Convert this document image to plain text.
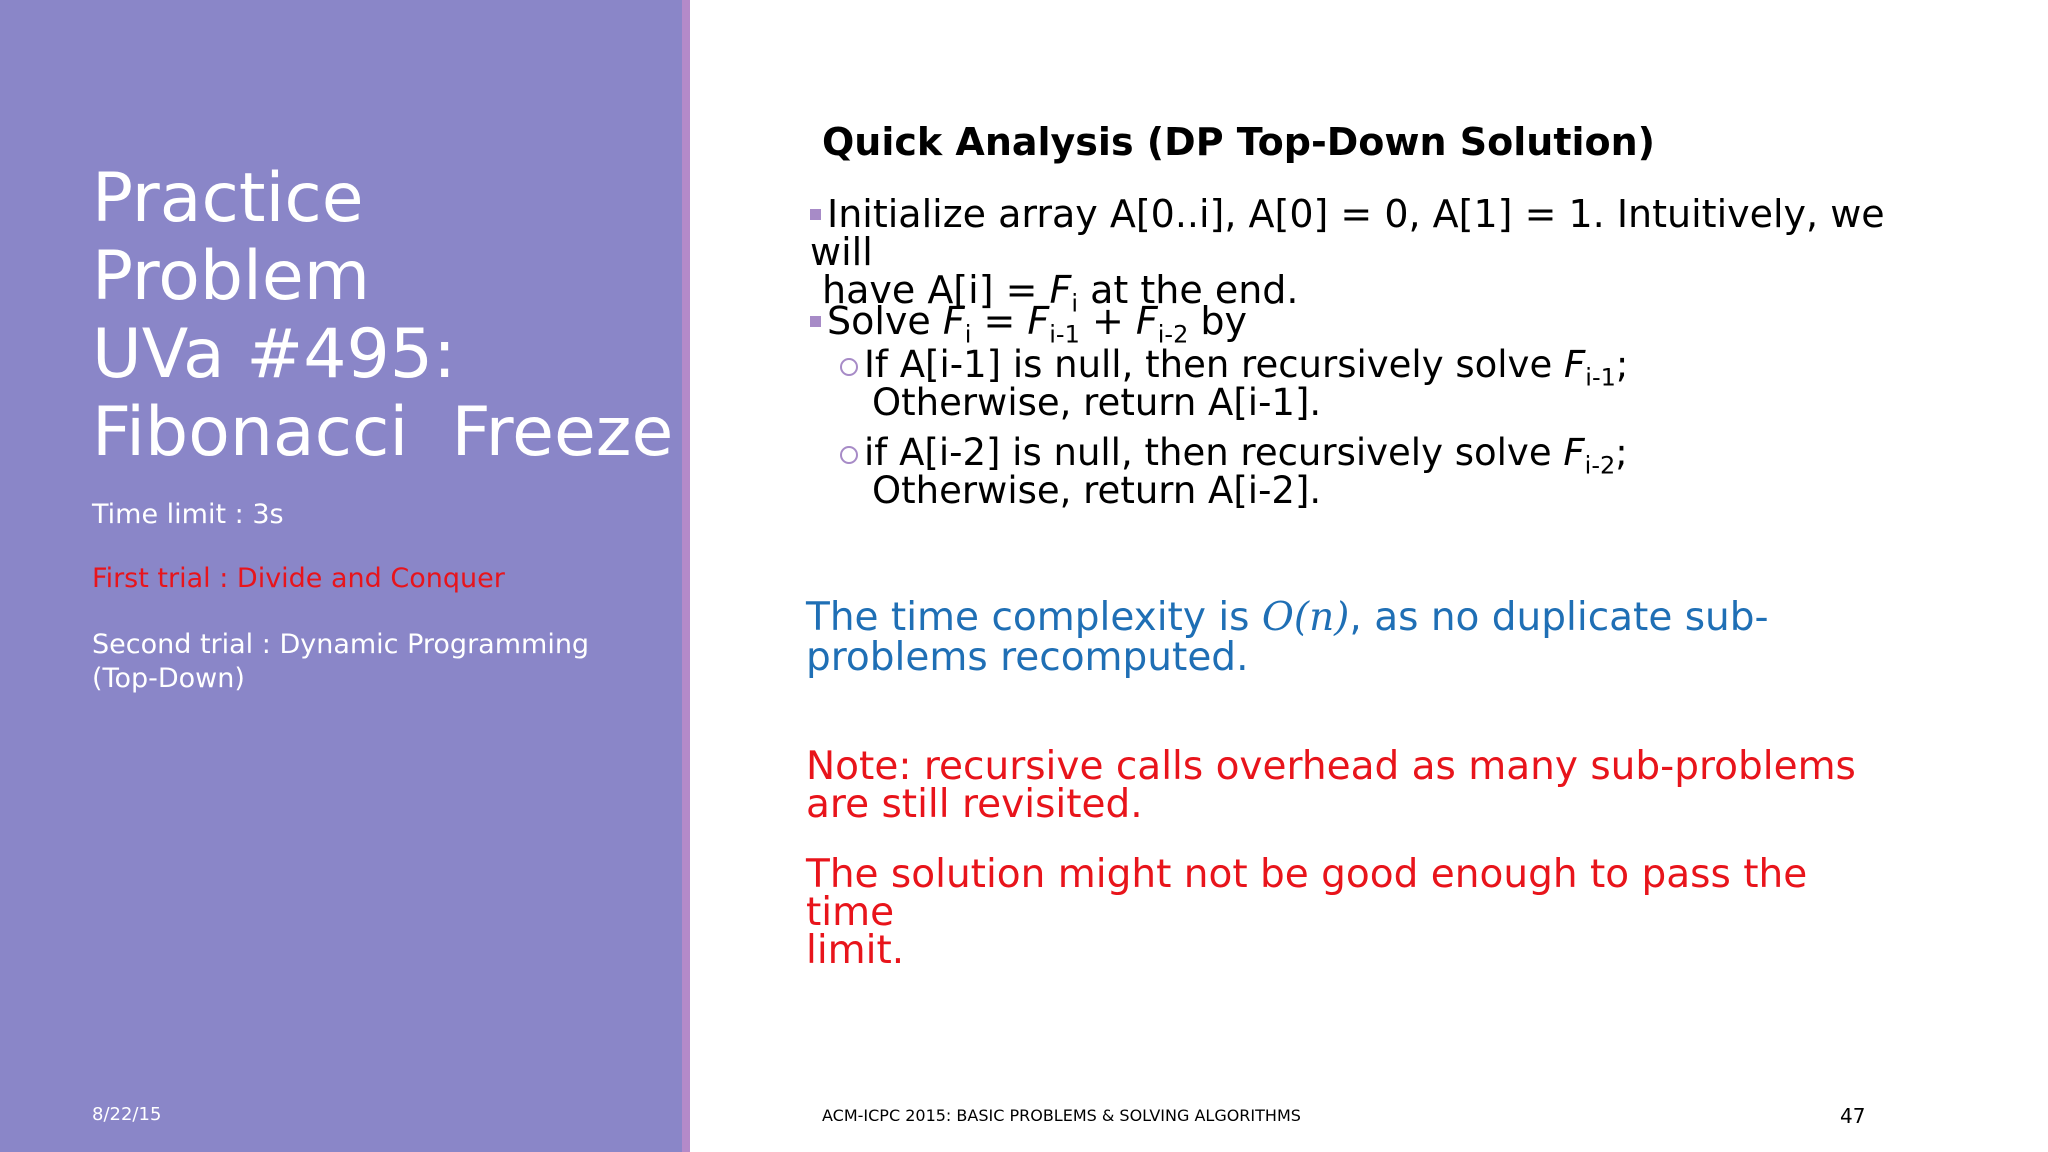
Practice
Problem
UVa #495:
Fibonacci  Freeze
Time limit : 3s
First trial : Divide and Conquer
Second trial : Dynamic Programming (Top-Down)
8/22/15
Quick Analysis (DP Top-Down Solution)
Initialize array A[0..i], A[0] = 0, A[1] = 1. Intuitively, we will
have $A[i] = F_i$ at the end.
Solve $F_i = F_{i-1} + F_{i-2}$ by
If A[i-1] is null, then recursively solve $F_{i-1}$;
Otherwise, return A[i-1].
if A[i-2] is null, then recursively solve $F_{i-2}$;
Otherwise, return A[i-2].
The time complexity is O(n), as no duplicate sub-
problems recomputed.
Note: recursive calls overhead as many sub-problems
are still revisited.
The solution might not be good enough to pass the time
limit.
ACM-ICPC 2015: BASIC PROBLEMS & SOLVING ALGORITHMS	47
